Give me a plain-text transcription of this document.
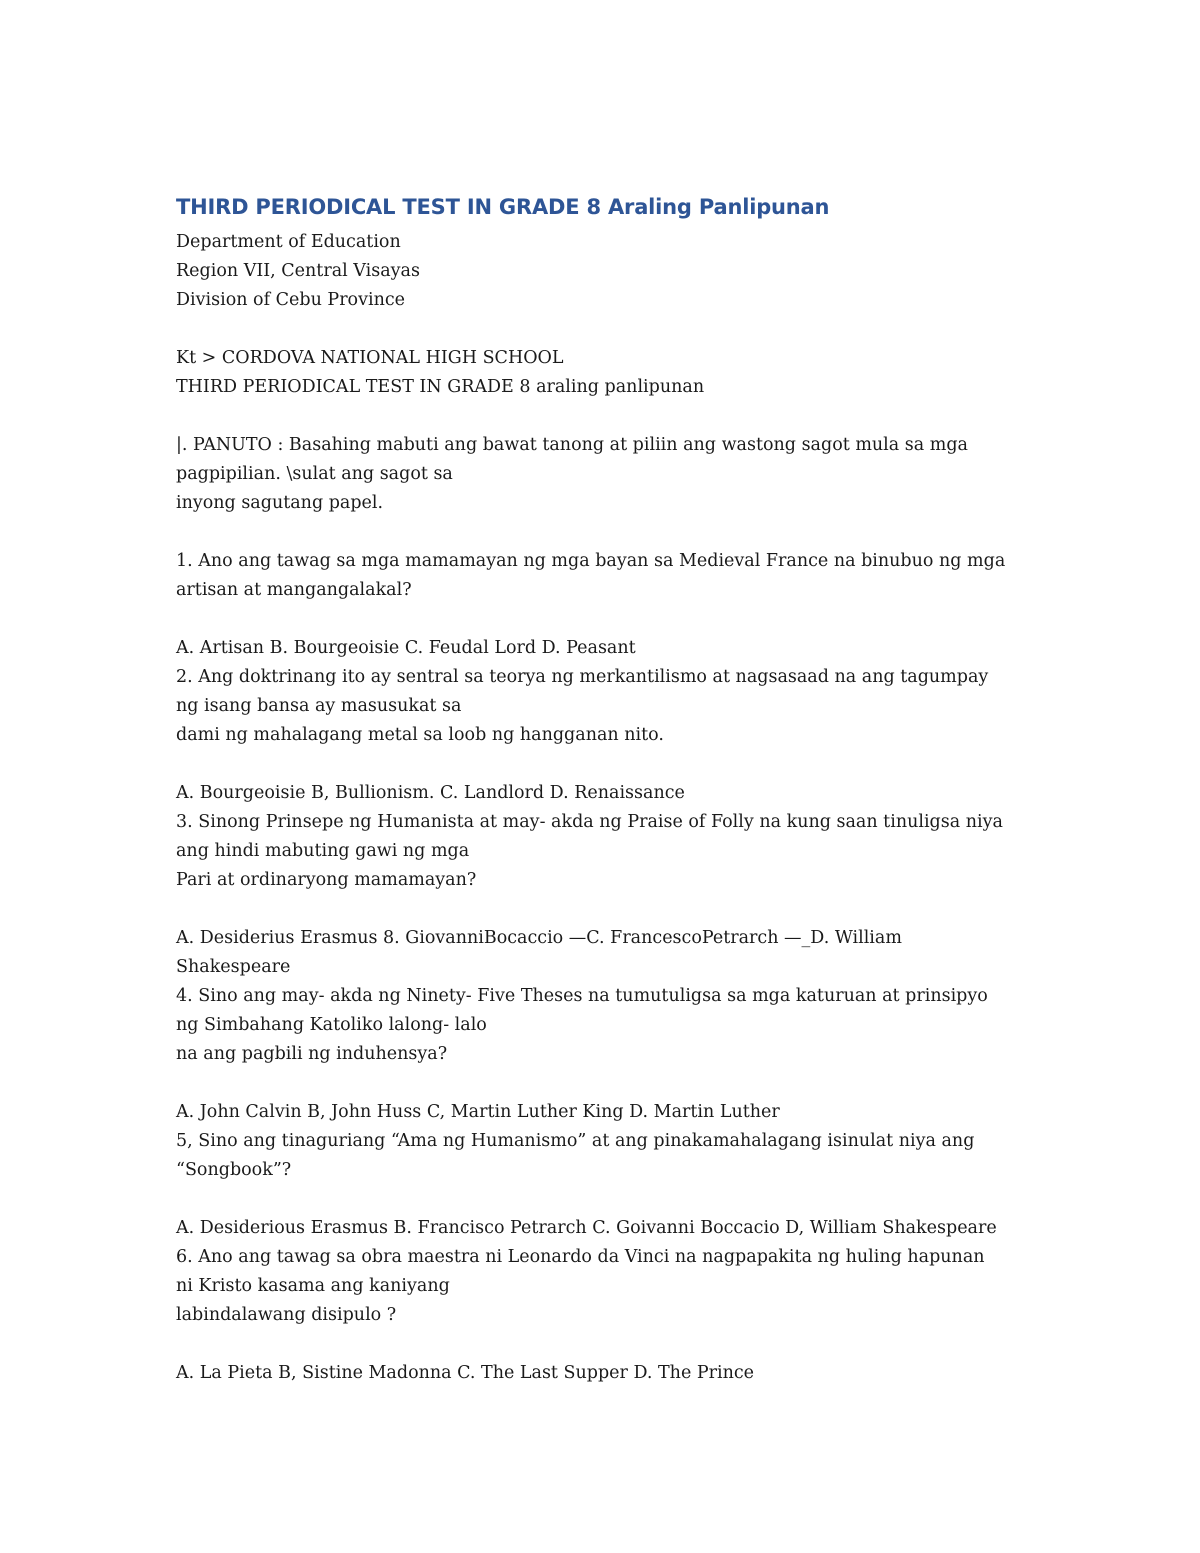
THIRD PERIODICAL TEST IN GRADE 8 Araling Panlipunan
Department of Education
Region VII, Central Visayas
Division of Cebu Province
Kt > CORDOVA NATIONAL HIGH SCHOOL
THIRD PERIODICAL TEST IN GRADE 8 araling panlipunan
|. PANUTO : Basahing mabuti ang bawat tanong at piliin ang wastong sagot mula sa mga
pagpipilian. \sulat ang sagot sa
inyong sagutang papel.
1. Ano ang tawag sa mga mamamayan ng mga bayan sa Medieval France na binubuo ng mga
artisan at mangangalakal?
A. Artisan B. Bourgeoisie C. Feudal Lord D. Peasant
2. Ang doktrinang ito ay sentral sa teorya ng merkantilismo at nagsasaad na ang tagumpay
ng isang bansa ay masusukat sa
dami ng mahalagang metal sa loob ng hangganan nito.
A. Bourgeoisie B, Bullionism. C. Landlord D. Renaissance
3. Sinong Prinsepe ng Humanista at may- akda ng Praise of Folly na kung saan tinuligsa niya
ang hindi mabuting gawi ng mga
Pari at ordinaryong mamamayan?
A. Desiderius Erasmus 8. GiovanniBocaccio —C. FrancescoPetrarch —_D. William
Shakespeare
4. Sino ang may- akda ng Ninety- Five Theses na tumutuligsa sa mga katuruan at prinsipyo
ng Simbahang Katoliko lalong- lalo
na ang pagbili ng induhensya?
A. John Calvin B, John Huss C, Martin Luther King D. Martin Luther
5, Sino ang tinaguriang “Ama ng Humanismo” at ang pinakamahalagang isinulat niya ang
“Songbook”?
A. Desiderious Erasmus B. Francisco Petrarch C. Goivanni Boccacio D, William Shakespeare
6. Ano ang tawag sa obra maestra ni Leonardo da Vinci na nagpapakita ng huling hapunan
ni Kristo kasama ang kaniyang
labindalawang disipulo ?
A. La Pieta B, Sistine Madonna C. The Last Supper D. The Prince
